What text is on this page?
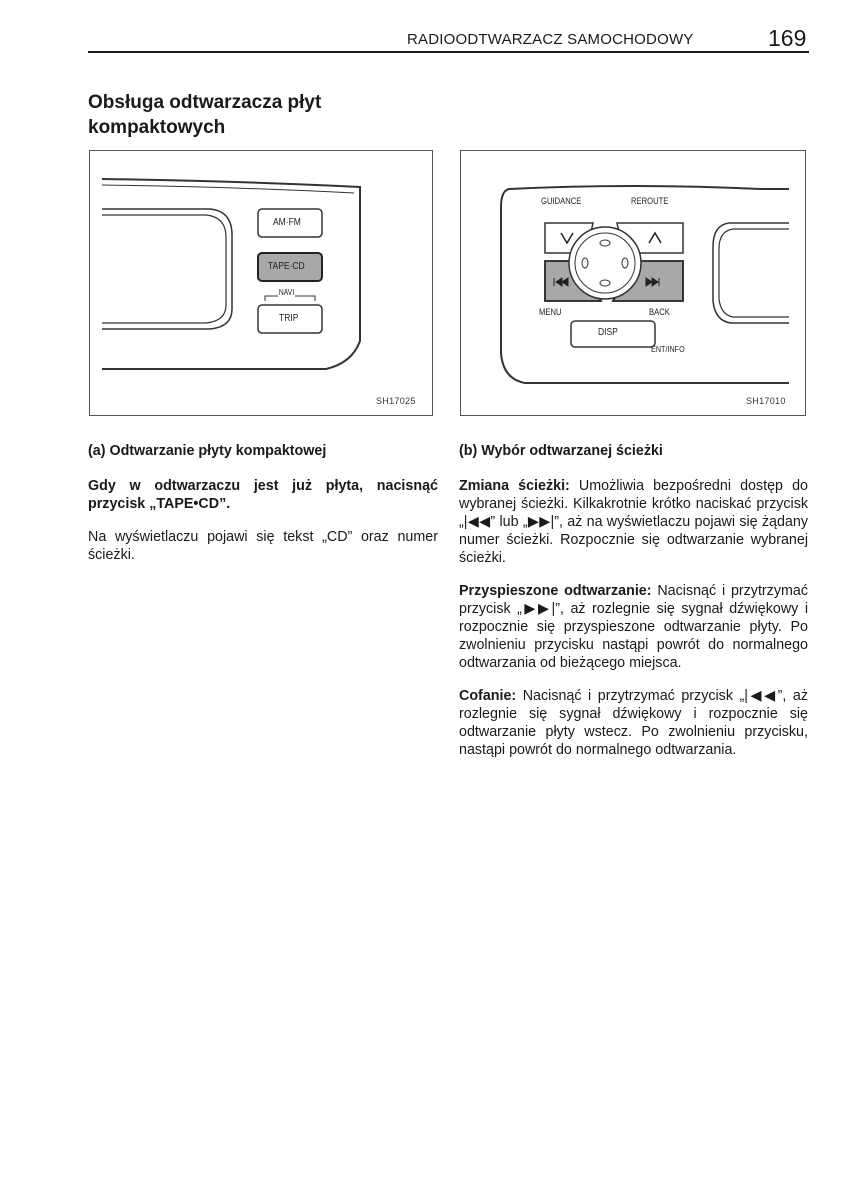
RADIOODTWARZACZ SAMOCHODOWY	169
Obsługa odtwarzacza płyt kompaktowych
AM·FM
TAPE·CD
NAVI
TRIP
SH17025
GUIDANCE	REROUTE
MENU	BACK
DISP
ENT/INFO
SH17010

(a) Odtwarzanie płyty kompaktowej

Gdy w odtwarzaczu jest już płyta, nacisnąć przycisk „TAPE•CD”.

Na wyświetlaczu pojawi się tekst „CD” oraz numer ścieżki.

(b) Wybór odtwarzanej ścieżki

Zmiana ścieżki: Umożliwia bezpośredni dostęp do wybranej ścieżki. Kilkakrotnie krótko naciskać przycisk „|◀◀” lub „▶▶|”, aż na wyświetlaczu pojawi się żądany numer ścieżki. Rozpocznie się odtwarzanie wybranej ścieżki.

Przyspieszone odtwarzanie: Nacisnąć i przytrzymać przycisk „▶▶|”, aż rozlegnie się sygnał dźwiękowy i rozpocznie się przyspieszone odtwarzanie płyty. Po zwolnieniu przycisku nastąpi powrót do normalnego odtwarzania od bieżącego miejsca.

Cofanie: Nacisnąć i przytrzymać przycisk „|◀◀”, aż rozlegnie się sygnał dźwiękowy i rozpocznie się odtwarzanie płyty wstecz. Po zwolnieniu przycisku, nastąpi powrót do normalnego odtwarzania.
